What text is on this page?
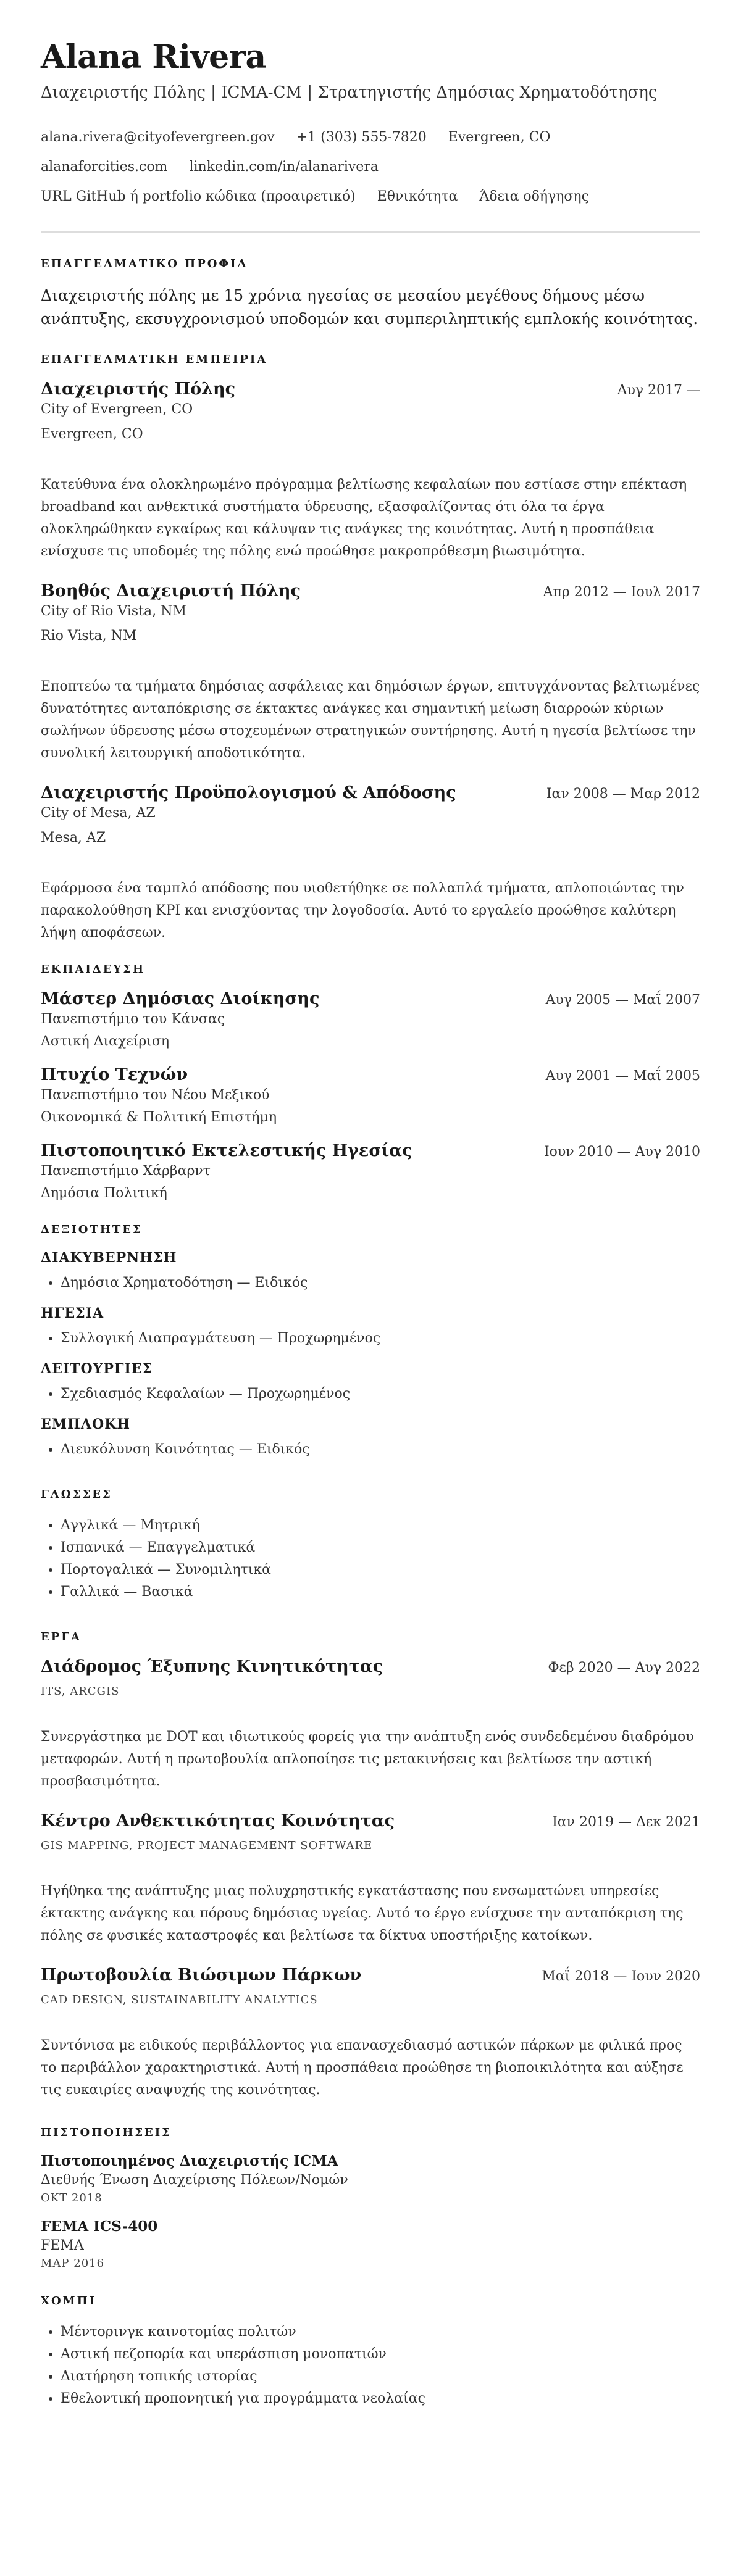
Alana Rivera
Διαχειριστής Πόλης | ICMA-CM | Στρατηγιστής Δημόσιας Χρηματοδότησης
alana.rivera@cityofevergreen.gov +1 (303) 555-7820 Evergreen, CO alanaforcities.com linkedin.com/in/alanarivera URL GitHub ή portfolio κώδικα (προαιρετικό) Εθνικότητα Άδεια οδήγησης
ΕΠΑΓΓΕΛΜΑΤΙΚΟ ΠΡΟΦΙΛ
Διαχειριστής πόλης με 15 χρόνια ηγεσίας σε μεσαίου μεγέθους δήμους μέσω ανάπτυξης, εκσυγχρονισμού υποδομών και συμπεριληπτικής εμπλοκής κοινότητας.
ΕΠΑΓΓΕΛΜΑΤΙΚΗ ΕΜΠΕΙΡΙΑ
Διαχειριστής Πόλης	Αυγ 2017 —
City of Evergreen, CO
Evergreen, CO
Κατεύθυνα ένα ολοκληρωμένο πρόγραμμα βελτίωσης κεφαλαίων που εστίασε στην επέκταση broadband και ανθεκτικά συστήματα ύδρευσης, εξασφαλίζοντας ότι όλα τα έργα ολοκληρώθηκαν εγκαίρως και κάλυψαν τις ανάγκες της κοινότητας. Αυτή η προσπάθεια ενίσχυσε τις υποδομές της πόλης ενώ προώθησε μακροπρόθεσμη βιωσιμότητα.
Βοηθός Διαχειριστή Πόλης	Απρ 2012 — Ιουλ 2017
City of Rio Vista, NM
Rio Vista, NM
Εποπτεύω τα τμήματα δημόσιας ασφάλειας και δημόσιων έργων, επιτυγχάνοντας βελτιωμένες δυνατότητες ανταπόκρισης σε έκτακτες ανάγκες και σημαντική μείωση διαρροών κύριων σωλήνων ύδρευσης μέσω στοχευμένων στρατηγικών συντήρησης. Αυτή η ηγεσία βελτίωσε την συνολική λειτουργική αποδοτικότητα.
Διαχειριστής Προϋπολογισμού & Απόδοσης	Ιαν 2008 — Μαρ 2012
City of Mesa, AZ
Mesa, AZ
Εφάρμοσα ένα ταμπλό απόδοσης που υιοθετήθηκε σε πολλαπλά τμήματα, απλοποιώντας την παρακολούθηση KPI και ενισχύοντας την λογοδοσία. Αυτό το εργαλείο προώθησε καλύτερη λήψη αποφάσεων.
ΕΚΠΑΙΔΕΥΣΗ
Μάστερ Δημόσιας Διοίκησης	Αυγ 2005 — Μαΐ 2007
Πανεπιστήμιο του Κάνσας
Αστική Διαχείριση
Πτυχίο Τεχνών	Αυγ 2001 — Μαΐ 2005
Πανεπιστήμιο του Νέου Μεξικού
Οικονομικά & Πολιτική Επιστήμη
Πιστοποιητικό Εκτελεστικής Ηγεσίας	Ιουν 2010 — Αυγ 2010
Πανεπιστήμιο Χάρβαρντ
Δημόσια Πολιτική
ΔΕΞΙΟΤΗΤΕΣ
ΔΙΑΚΥΒΕΡΝΗΣΗ
• Δημόσια Χρηματοδότηση — Ειδικός
ΗΓΕΣΙΑ
• Συλλογική Διαπραγμάτευση — Προχωρημένος
ΛΕΙΤΟΥΡΓΙΕΣ
• Σχεδιασμός Κεφαλαίων — Προχωρημένος
ΕΜΠΛΟΚΗ
• Διευκόλυνση Κοινότητας — Ειδικός
ΓΛΩΣΣΕΣ
• Αγγλικά — Μητρική
• Ισπανικά — Επαγγελματικά
• Πορτογαλικά — Συνομιλητικά
• Γαλλικά — Βασικά
ΕΡΓΑ
Διάδρομος Έξυπνης Κινητικότητας	Φεβ 2020 — Αυγ 2022
ITS, ARCGIS
Συνεργάστηκα με DOT και ιδιωτικούς φορείς για την ανάπτυξη ενός συνδεδεμένου διαδρόμου μεταφορών. Αυτή η πρωτοβουλία απλοποίησε τις μετακινήσεις και βελτίωσε την αστική προσβασιμότητα.
Κέντρο Ανθεκτικότητας Κοινότητας	Ιαν 2019 — Δεκ 2021
GIS MAPPING, PROJECT MANAGEMENT SOFTWARE
Ηγήθηκα της ανάπτυξης μιας πολυχρηστικής εγκατάστασης που ενσωματώνει υπηρεσίες έκτακτης ανάγκης και πόρους δημόσιας υγείας. Αυτό το έργο ενίσχυσε την ανταπόκριση της πόλης σε φυσικές καταστροφές και βελτίωσε τα δίκτυα υποστήριξης κατοίκων.
Πρωτοβουλία Βιώσιμων Πάρκων	Μαΐ 2018 — Ιουν 2020
CAD DESIGN, SUSTAINABILITY ANALYTICS
Συντόνισα με ειδικούς περιβάλλοντος για επανασχεδιασμό αστικών πάρκων με φιλικά προς το περιβάλλον χαρακτηριστικά. Αυτή η προσπάθεια προώθησε τη βιοποικιλότητα και αύξησε τις ευκαιρίες αναψυχής της κοινότητας.
ΠΙΣΤΟΠΟΙΗΣΕΙΣ
Πιστοποιημένος Διαχειριστής ICMA
Διεθνής Ένωση Διαχείρισης Πόλεων/Νομών
ΟΚΤ 2018
FEMA ICS-400
FEMA
ΜΑΡ 2016
ΧΟΜΠΙ
• Μέντορινγκ καινοτομίας πολιτών
• Αστική πεζοπορία και υπεράσπιση μονοπατιών
• Διατήρηση τοπικής ιστορίας
• Εθελοντική προπονητική για προγράμματα νεολαίας
